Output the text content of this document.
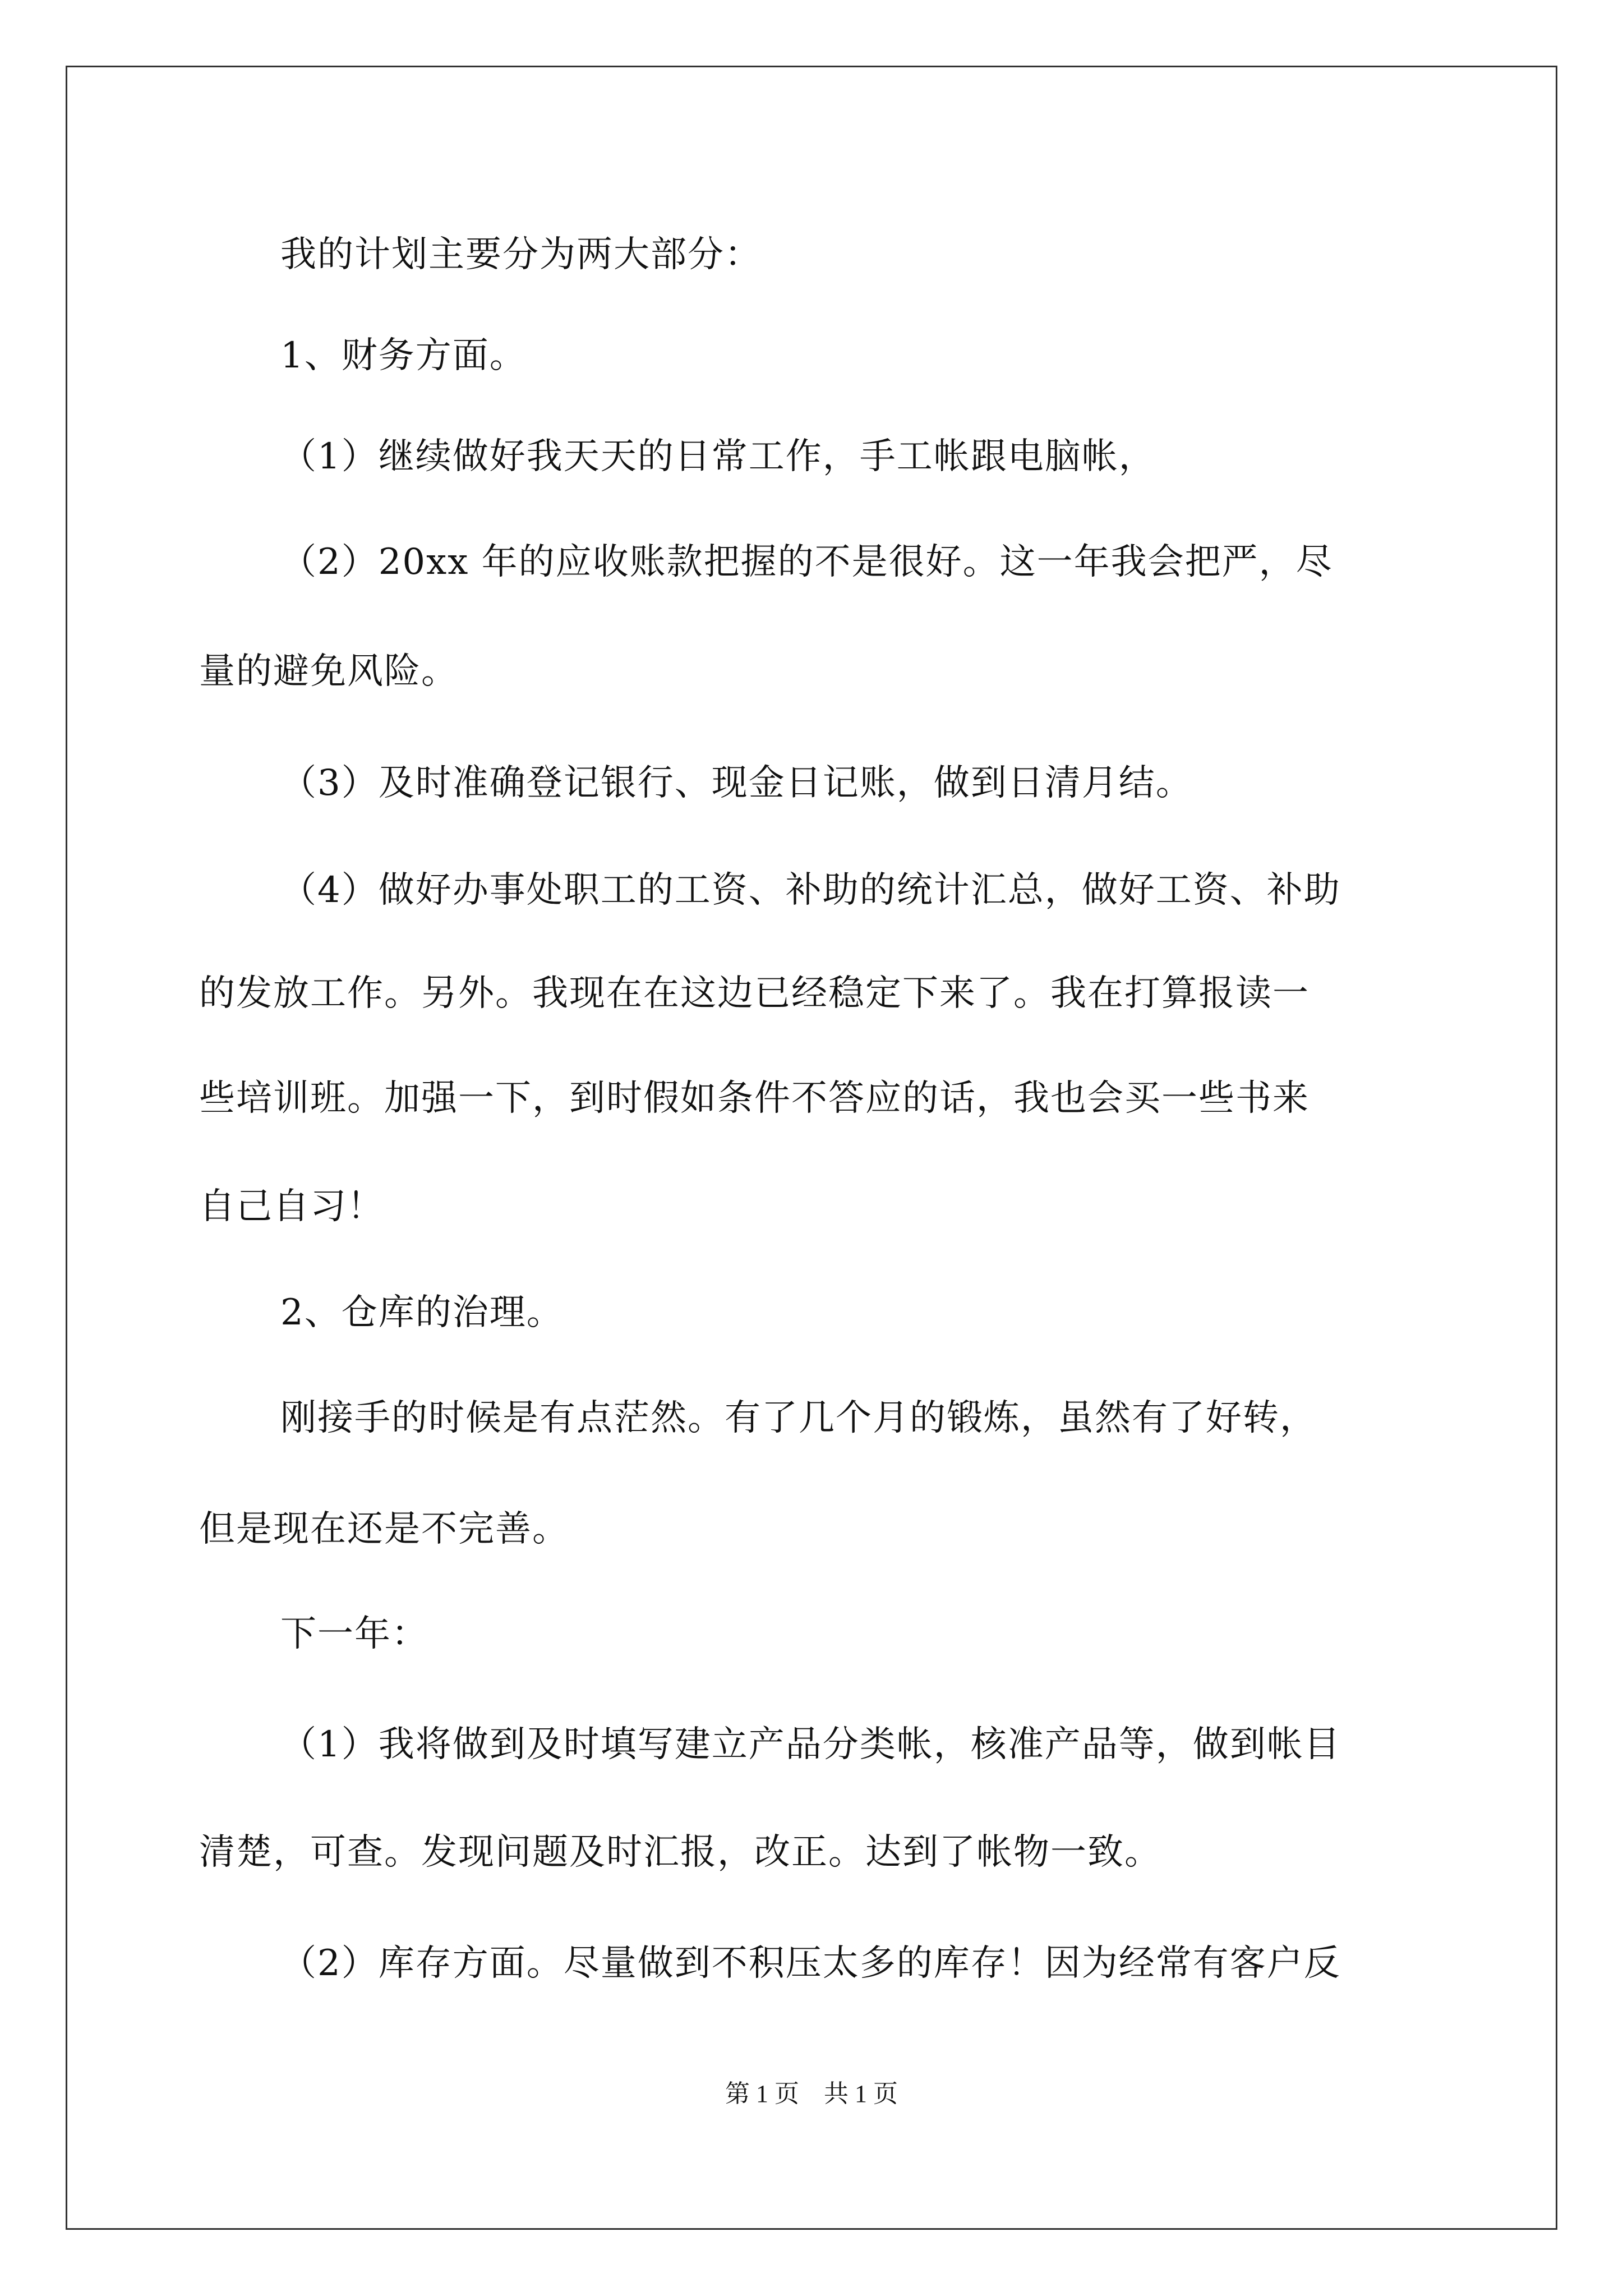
我的计划主要分为两大部分：
1、财务方面。
（1）继续做好我天天的日常工作，手工帐跟电脑帐，
（2）20xx 年的应收账款把握的不是很好。这一年我会把严，尽
量的避免风险。
（3）及时准确登记银行、现金日记账，做到日清月结。
（4）做好办事处职工的工资、补助的统计汇总，做好工资、补助
的发放工作。另外。我现在在这边已经稳定下来了。我在打算报读一
些培训班。加强一下，到时假如条件不答应的话，我也会买一些书来
自己自习！
2、仓库的治理。
刚接手的时候是有点茫然。有了几个月的锻炼，虽然有了好转，
但是现在还是不完善。
下一年：
（1）我将做到及时填写建立产品分类帐，核准产品等，做到帐目
清楚，可查。发现问题及时汇报，改正。达到了帐物一致。
（2）库存方面。尽量做到不积压太多的库存！因为经常有客户反
第 1 页　共 1 页
